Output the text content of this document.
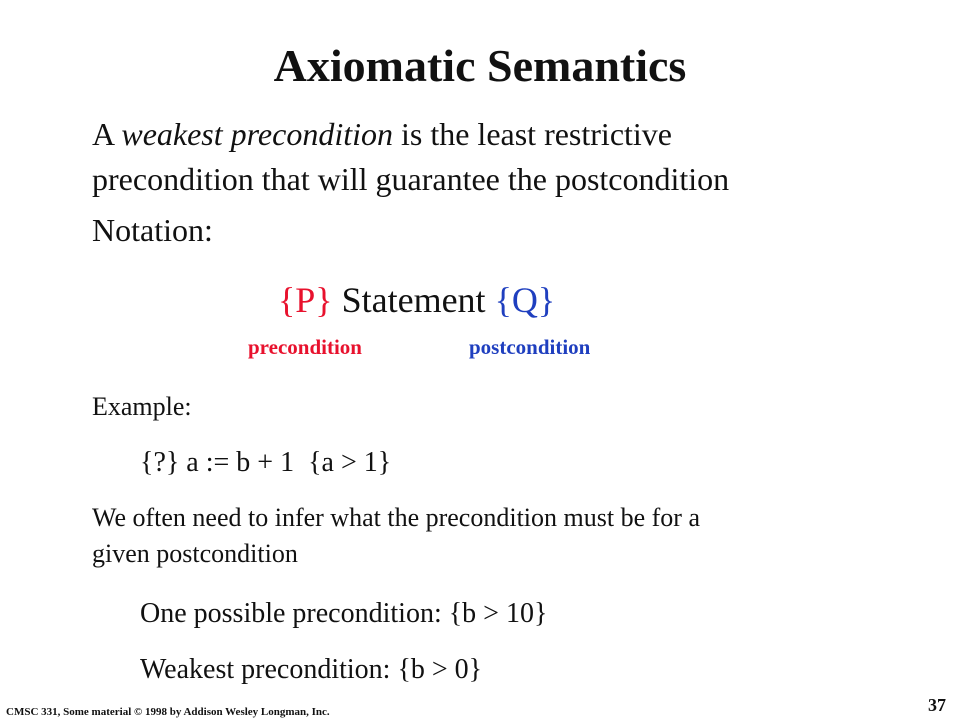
Axiomatic Semantics
A weakest precondition is the least restrictive
precondition that will guarantee the postcondition
Notation:
{P} Statement {Q}
precondition	postcondition
Example:
{?} a := b + 1  {a > 1}
We often need to infer what the precondition must be for a
given postcondition
One possible precondition: {b > 10}
Weakest precondition: {b > 0}
CMSC 331, Some material © 1998 by Addison Wesley Longman, Inc.	37
